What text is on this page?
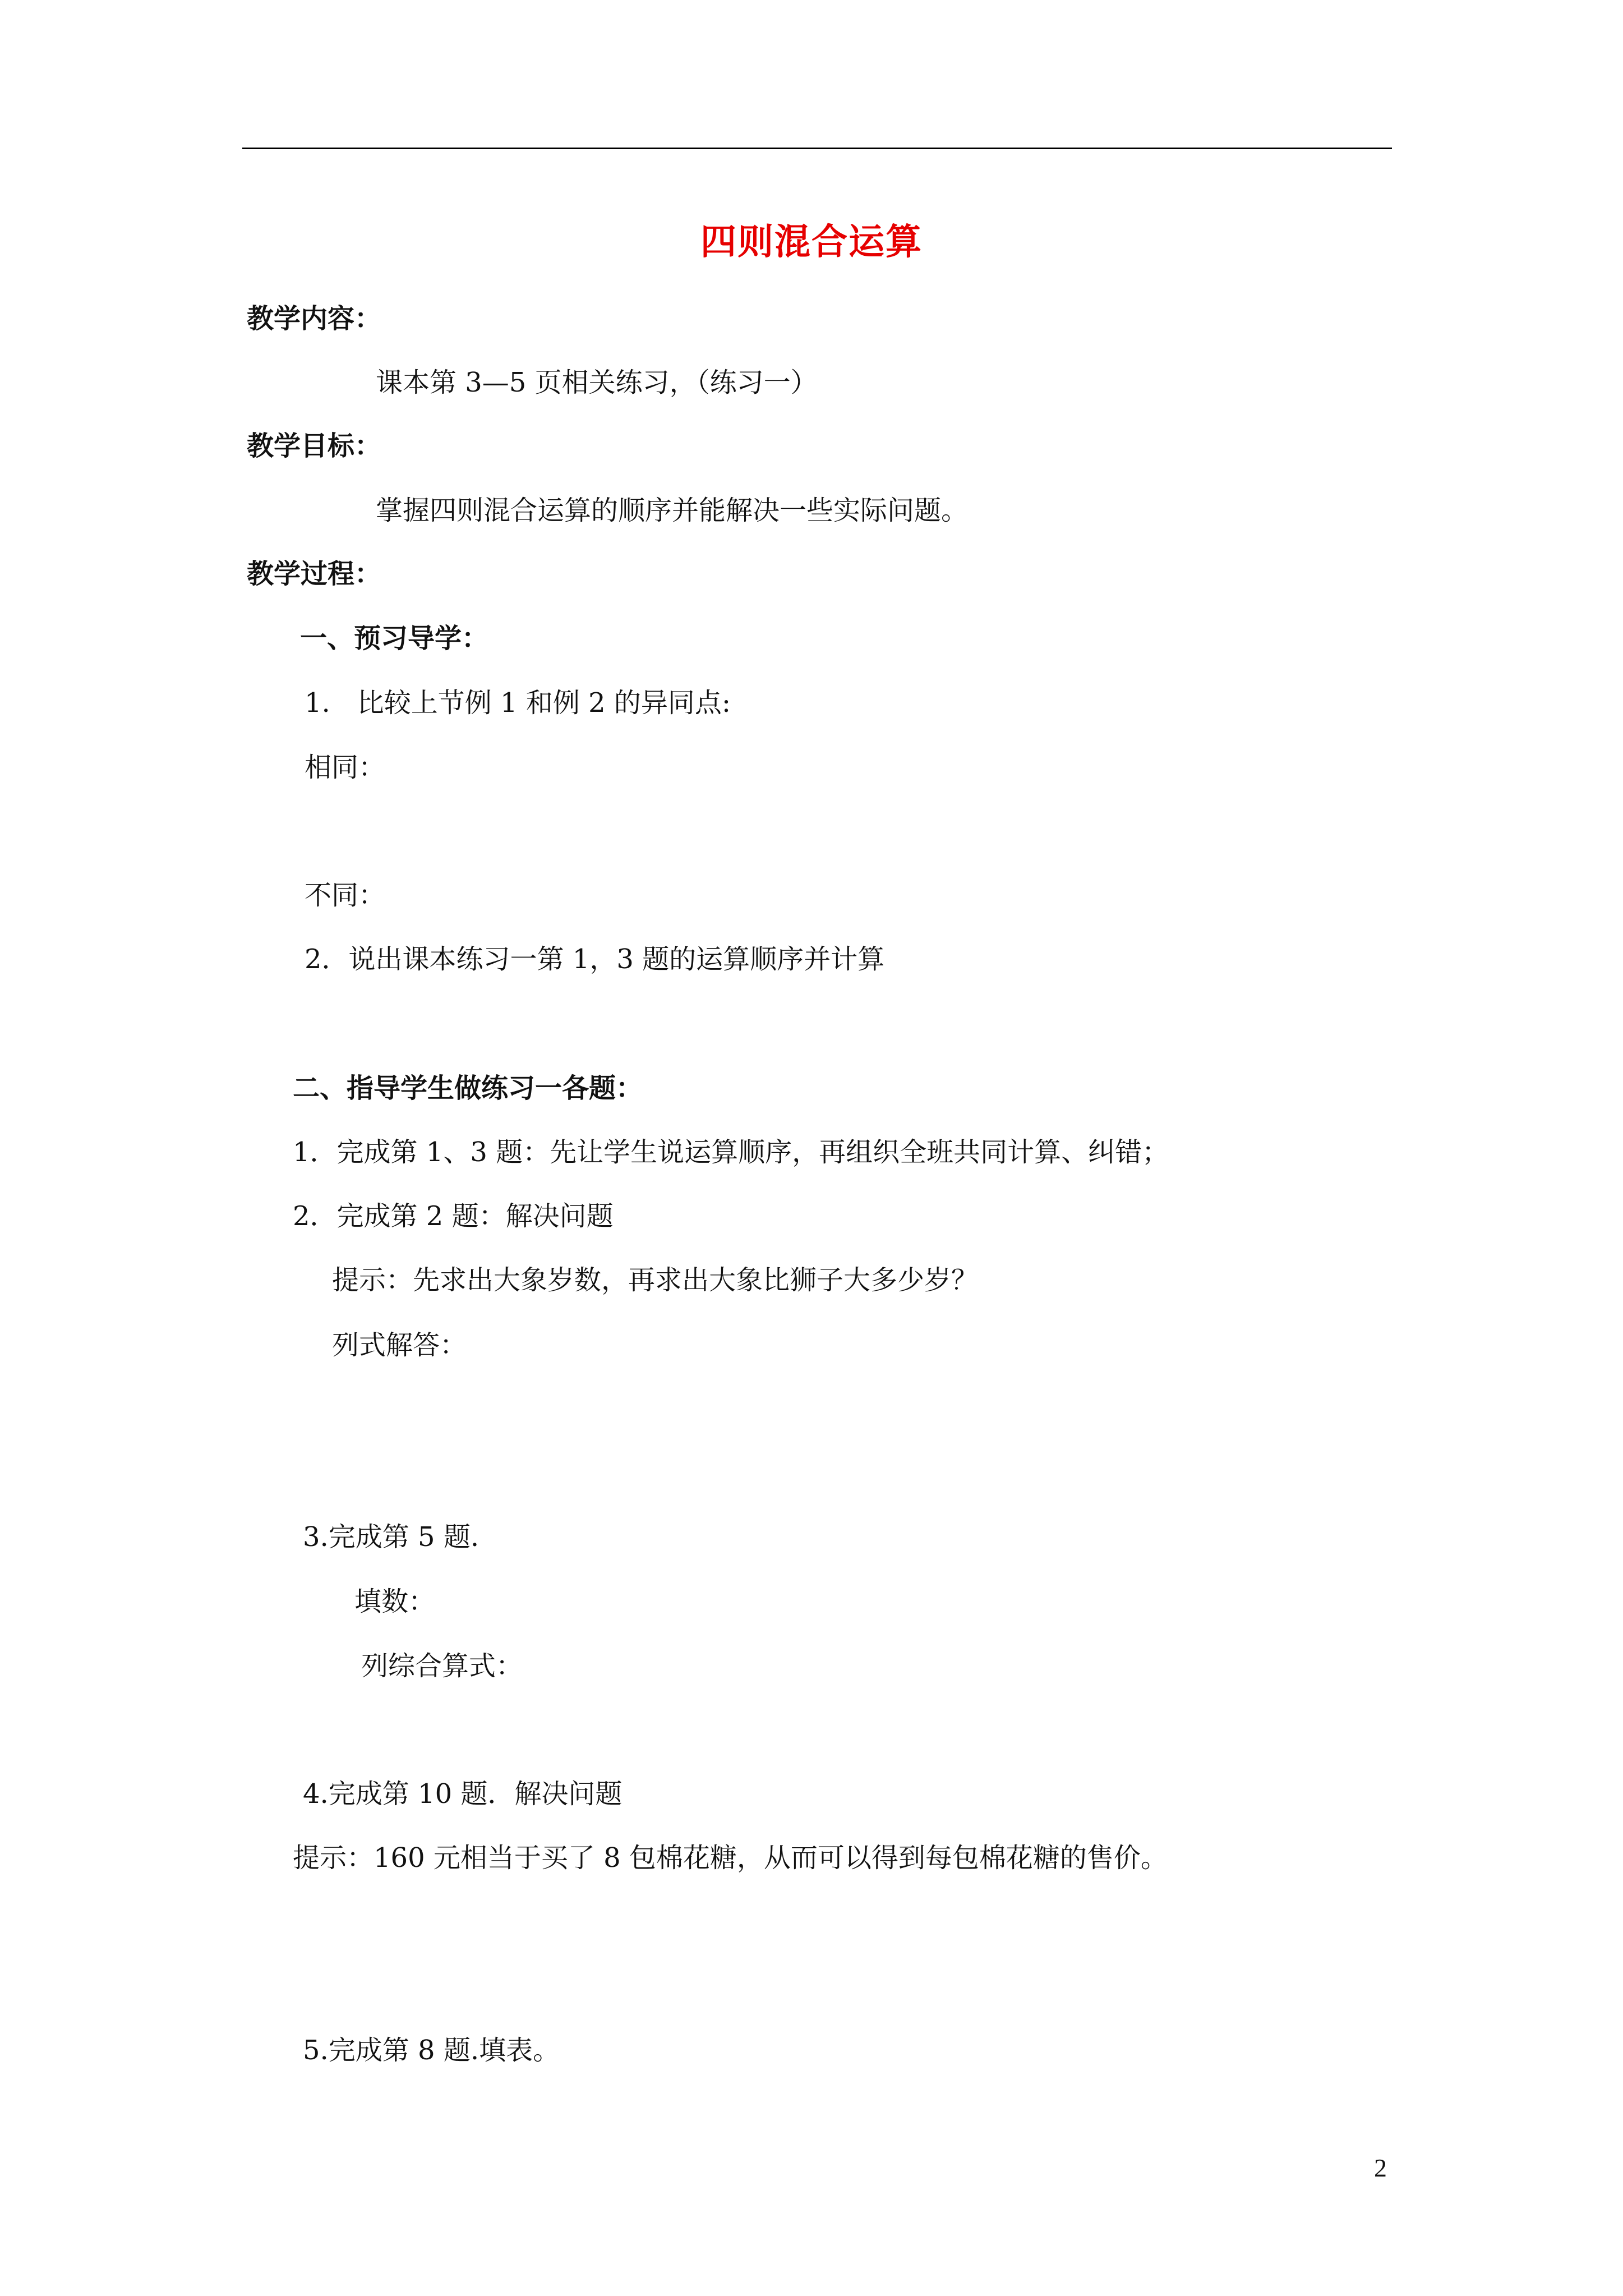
四则混合运算
教学内容：
课本第 3—5 页相关练习，（练习一）
教学目标：
掌握四则混合运算的顺序并能解决一些实际问题。
教学过程：
一、预习导学：
1.　比较上节例 1 和例 2 的异同点:
相同：
不同：
2．说出课本练习一第 1，3 题的运算顺序并计算
二、指导学生做练习一各题：
1．完成第 1、3 题：先让学生说运算顺序，再组织全班共同计算、纠错；
2．完成第 2 题：解决问题
提示：先求出大象岁数，再求出大象比狮子大多少岁？
列式解答：
3.完成第 5 题.
填数：
列综合算式：
4.完成第 10 题．解决问题
提示：160 元相当于买了 8 包棉花糖，从而可以得到每包棉花糖的售价。
5.完成第 8 题.填表。
2
